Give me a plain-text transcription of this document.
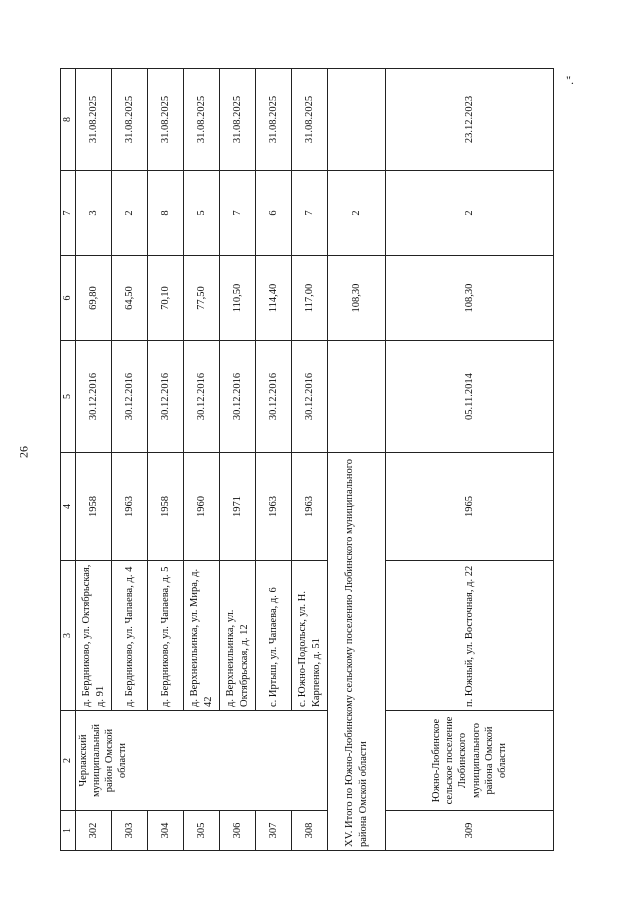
26
".
1	2	3	4	5	6	7	8
302	Черлакский муниципальный район Омской области	д. Бердниково, ул. Октябрьская, д. 91	1958	30.12.2016	69,80	3	31.08.2025
303		д. Бердниково, ул. Чапаева, д. 4	1963	30.12.2016	64,50	2	31.08.2025
304		д. Бердниково, ул. Чапаева, д. 5	1958	30.12.2016	70,10	8	31.08.2025
305		д. Верхнеильинка, ул. Мира, д. 42	1960	30.12.2016	77,50	5	31.08.2025
306		д. Верхнеильинка, ул. Октябрьская, д. 12	1971	30.12.2016	110,50	7	31.08.2025
307		с. Иртыш, ул. Чапаева, д. 6	1963	30.12.2016	114,40	6	31.08.2025
308		с. Южно-Подольск, ул. Н. Карпенко, д. 51	1963	30.12.2016	117,00	7	31.08.2025
XV. Итого по Южно-Любинскому сельскому поселению Любинского муниципального района Омской области					108,30	2	
309	Южно-Любинское сельское поселение Любинского муниципального района Омской области	п. Южный, ул. Восточная, д. 22	1965	05.11.2014	108,30	2	23.12.2023
